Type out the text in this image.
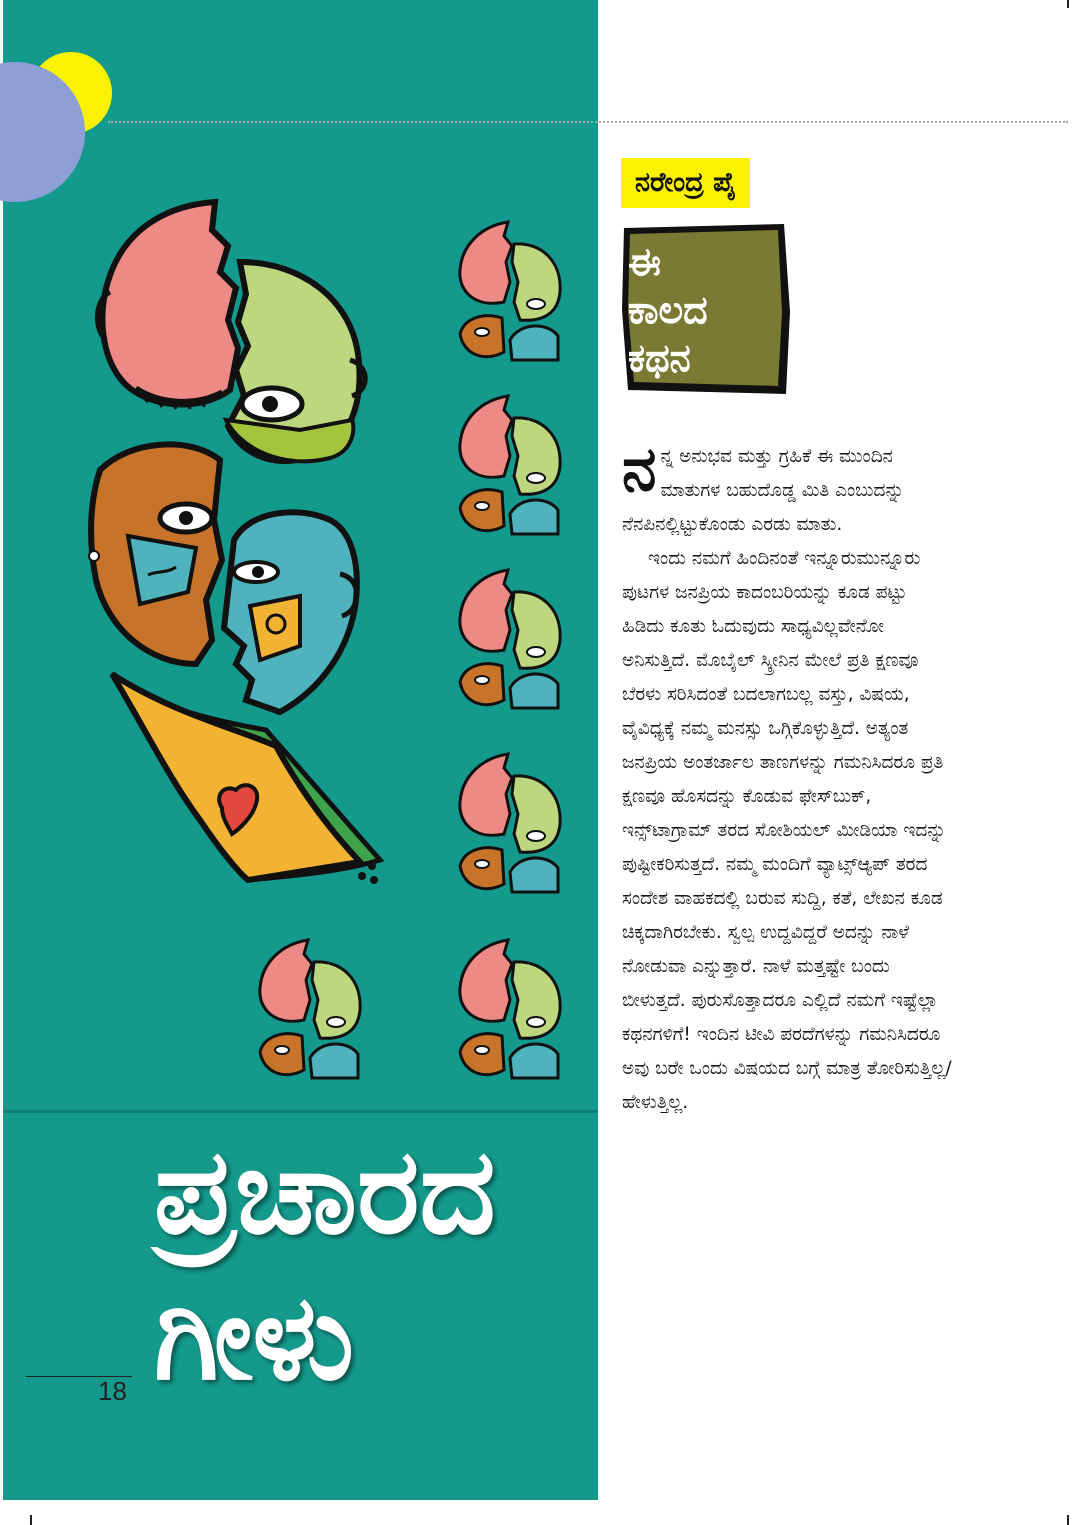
ನರೇಂದ್ರ ಪೈ
ಈ
ಕಾಲದ
ಕಥನ

ನನ್ನ ಅನುಭವ ಮತ್ತು ಗ್ರಹಿಕೆ ಈ ಮುಂದಿನ ಮಾತುಗಳ ಬಹುದೊಡ್ಡ ಮಿತಿ ಎಂಬುದನ್ನು ನೆನಪಿನಲ್ಲಿಟ್ಟುಕೊಂಡು ಎರಡು ಮಾತು.

ಇಂದು ನಮಗೆ ಹಿಂದಿನಂತೆ ಇನ್ನೂರುಮುನ್ನೂರು ಪುಟಗಳ ಜನಪ್ರಿಯ ಕಾದಂಬರಿಯನ್ನು ಕೂಡ ಪಟ್ಟು ಹಿಡಿದು ಕೂತು ಓದುವುದು ಸಾಧ್ಯವಿಲ್ಲವೇನೋ ಅನಿಸುತ್ತಿದೆ. ಮೊಬೈಲ್ ಸ್ಕ್ರೀನಿನ ಮೇಲೆ ಪ್ರತಿ ಕ್ಷಣವೂ ಬೆರಳು ಸರಿಸಿದಂತೆ ಬದಲಾಗಬಲ್ಲ ವಸ್ತು, ವಿಷಯ, ವೈವಿಧ್ಯಕ್ಕೆ ನಮ್ಮ ಮನಸ್ಸು ಒಗ್ಗಿಕೊಳ್ಳುತ್ತಿದೆ. ಅತ್ಯಂತ ಜನಪ್ರಿಯ ಅಂತರ್ಜಾಲ ತಾಣಗಳನ್ನು ಗಮನಿಸಿದರೂ ಪ್ರತಿ ಕ್ಷಣವೂ ಹೊಸದನ್ನು ಕೊಡುವ ಫೇಸ್‌ಬುಕ್, ಇನ್ಸ್‌ಟಾಗ್ರಾಮ್ ತರದ ಸೋಶಿಯಲ್ ಮೀಡಿಯಾ ಇದನ್ನು ಪುಷ್ಟೀಕರಿಸುತ್ತದೆ. ನಮ್ಮ ಮಂದಿಗೆ ವ್ಯಾಟ್ಸ್‌ಆ್ಯಪ್ ತರದ ಸಂದೇಶ ವಾಹಕದಲ್ಲಿ ಬರುವ ಸುದ್ದಿ, ಕತೆ, ಲೇಖನ ಕೂಡ ಚಿಕ್ಕದಾಗಿರಬೇಕು. ಸ್ವಲ್ಪ ಉದ್ದವಿದ್ದರೆ ಅದನ್ನು ನಾಳೆ ನೋಡುವಾ ಎನ್ನುತ್ತಾರೆ. ನಾಳೆ ಮತ್ತಷ್ಟೇ ಬಂದು ಬೀಳುತ್ತದೆ. ಪುರುಸೊತ್ತಾದರೂ ಎಲ್ಲಿದೆ ನಮಗೆ ಇಷ್ಟೆಲ್ಲಾ ಕಥನಗಳಿಗೆ! ಇಂದಿನ ಟೀವಿ ಪರದೆಗಳನ್ನು ಗಮನಿಸಿದರೂ ಅವು ಬರೇ ಒಂದು ವಿಷಯದ ಬಗ್ಗೆ ಮಾತ್ರ ತೋರಿಸುತ್ತಿಲ್ಲ/ಹೇಳುತ್ತಿಲ್ಲ.

ಪ್ರಚಾರದ
ಗೀಳು
18
